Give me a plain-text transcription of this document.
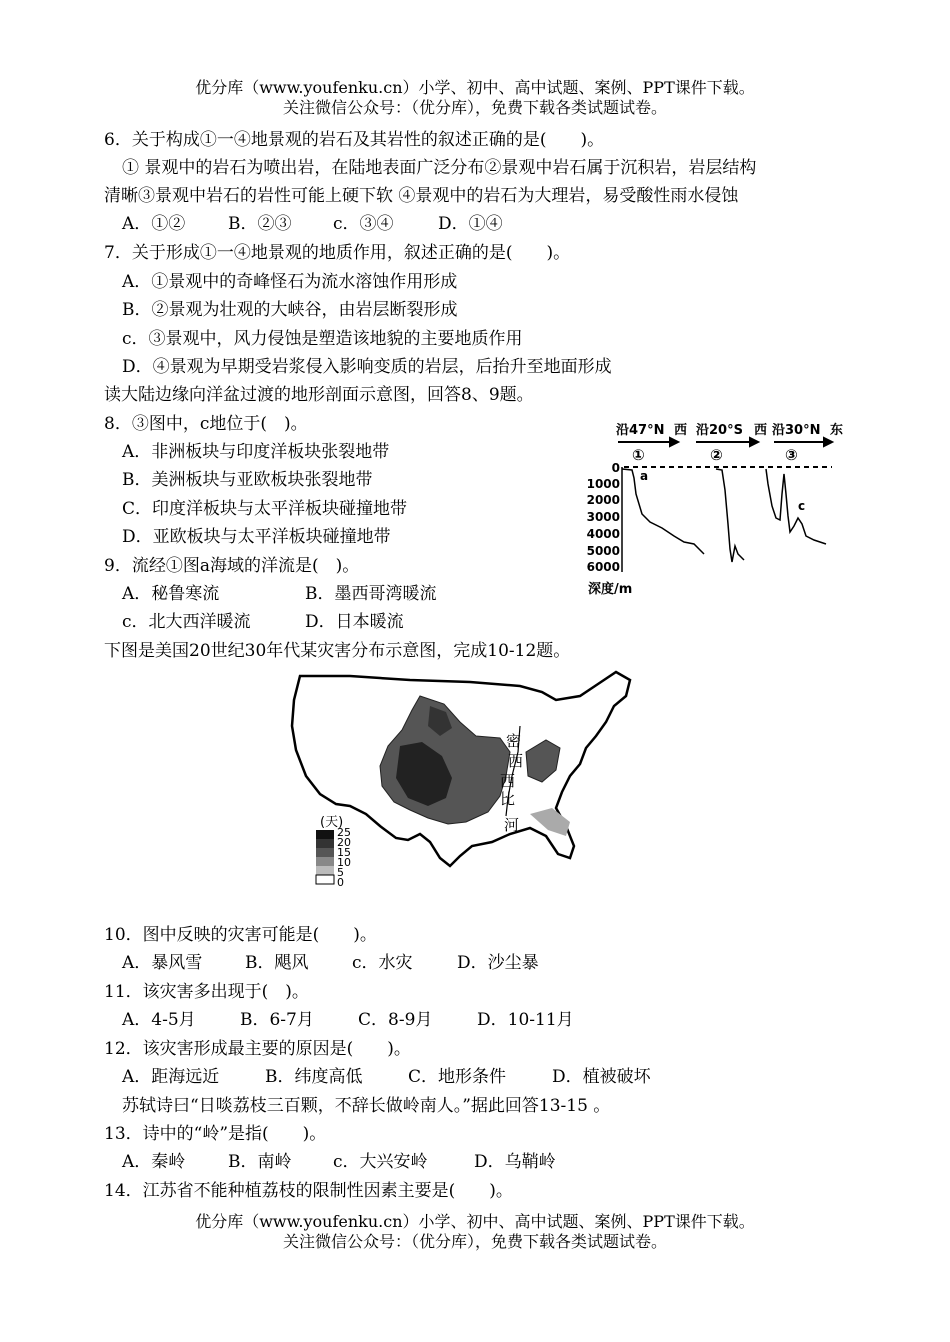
优分库（www.youfenku.cn）小学、初中、高中试题、案例、PPT课件下载。
关注微信公众号：（优分库），免费下载各类试题试卷。
6．关于构成①一④地景观的岩石及其岩性的叙述正确的是(　　)。
① 景观中的岩石为喷出岩，在陆地表面广泛分布②景观中岩石属于沉积岩，岩层结构
清晰③景观中岩石的岩性可能上硬下软 ④景观中的岩石为大理岩，易受酸性雨水侵蚀
A．①②	B．②③ c．③④	D．①④
7．关于形成①一④地景观的地质作用，叙述正确的是(　　)。
A．①景观中的奇峰怪石为流水溶蚀作用形成
B．②景观为壮观的大峡谷，由岩层断裂形成
c．③景观中，风力侵蚀是塑造该地貌的主要地质作用
D．④景观为早期受岩浆侵入影响变质的岩层，后抬升至地面形成
读大陆边缘向洋盆过渡的地形剖面示意图，回答8、9题。
8．③图中，c地位于(　)。
A．非洲板块与印度洋板块张裂地带
B．美洲板块与亚欧板块张裂地带
C．印度洋板块与太平洋板块碰撞地带
D．亚欧板块与太平洋板块碰撞地带
9．流经①图a海域的洋流是(　)。
A．秘鲁寒流	B．墨西哥湾暖流
c．北大西洋暖流	D．日本暖流
沿47°N 西 沿20°S 西 沿30°N 东
①	②	③
0
1000
2000
3000
4000
5000
6000
深度/m
a
c
下图是美国20世纪30年代某灾害分布示意图，完成10-12题。
密
西
西
比
河
(天)
25
20
15
10
5
0
10．图中反映的灾害可能是(　　)。
A．暴风雪	B．飓风	c．水灾	D．沙尘暴
11．该灾害多出现于(　)。
A．4-5月	B．6-7月	C．8-9月	D．10-11月
12．该灾害形成最主要的原因是(　　)。
A．距海远近	B．纬度高低	C．地形条件	D．植被破坏
苏轼诗曰“日啖荔枝三百颗，不辞长做岭南人。”据此回答13-15 。
13．诗中的“岭”是指(　　)。
A．秦岭	B．南岭 c．大兴安岭	D．乌鞘岭
14．江苏省不能种植荔枝的限制性因素主要是(　　)。
优分库（www.youfenku.cn）小学、初中、高中试题、案例、PPT课件下载。
关注微信公众号：（优分库），免费下载各类试题试卷。
